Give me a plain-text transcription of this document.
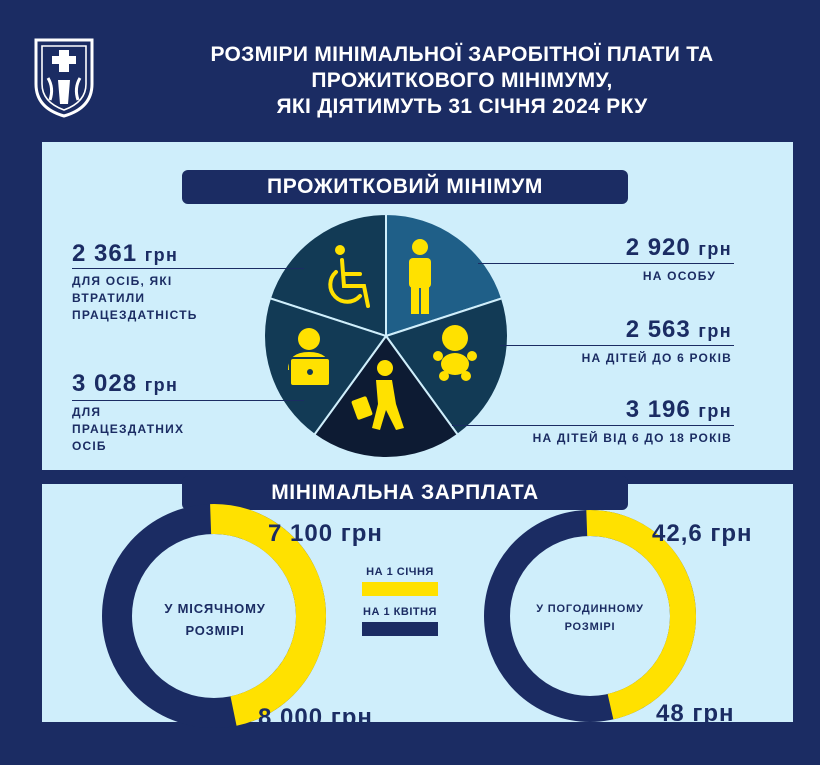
РОЗМІРИ МІНІМАЛЬНОЇ ЗАРОБІТНОЇ ПЛАТИ ТА
ПРОЖИТКОВОГО МІНІМУМУ,
ЯКІ ДІЯТИМУТЬ 31 СІЧНЯ 2024 РКУ
ПРОЖИТКОВИЙ МІНІМУМ
2 361 грн
ДЛЯ ОСІБ, ЯКІ
ВТРАТИЛИ
ПРАЦЕЗДАТНІСТЬ
3 028 грн
ДЛЯ
ПРАЦЕЗДАТНИХ
ОСІБ
2 920 грн
НА ОСОБУ
2 563 грн
НА ДІТЕЙ ДО 6 РОКІВ
3 196 грн
НА ДІТЕЙ ВІД 6 ДО 18 РОКІВ
МІНІМАЛЬНА ЗАРПЛАТА
У МІСЯЧНОМУ
РОЗМІРІ
У ПОГОДИННОМУ
РОЗМІРІ
7 100 грн
8 000 грн
42,6 грн
48 грн
НА 1 СІЧНЯ
НА 1 КВІТНЯ
